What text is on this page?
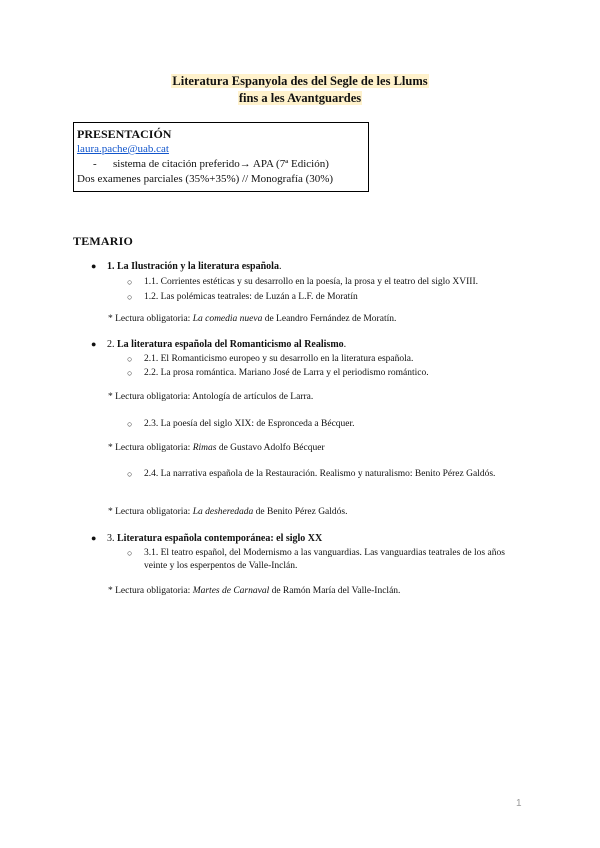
Literatura Espanyola des del Segle de les Llums
fins a les Avantguardes
PRESENTACIÓN
laura.pache@uab.cat
- sistema de citación preferido→ APA (7ª Edición)
Dos examenes parciales (35%+35%) // Monografía (30%)
TEMARIO
● 1. La Ilustración y la literatura española.
○ 1.1. Corrientes estéticas y su desarrollo en la poesía, la prosa y el teatro del siglo XVIII.
○ 1.2. Las polémicas teatrales: de Luzán a L.F. de Moratín
* Lectura obligatoria: La comedia nueva de Leandro Fernández de Moratín.
● 2. La literatura española del Romanticismo al Realismo.
○ 2.1. El Romanticismo europeo y su desarrollo en la literatura española.
○ 2.2. La prosa romántica. Mariano José de Larra y el periodismo romántico.
* Lectura obligatoria: Antología de artículos de Larra.
○ 2.3. La poesía del siglo XIX: de Espronceda a Bécquer.
* Lectura obligatoria: Rimas de Gustavo Adolfo Bécquer
○ 2.4. La narrativa española de la Restauración. Realismo y naturalismo: Benito Pérez Galdós.
* Lectura obligatoria: La desheredada de Benito Pérez Galdós.
● 3. Literatura española contemporánea: el siglo XX
○ 3.1. El teatro español, del Modernismo a las vanguardias. Las vanguardias teatrales de los años veinte y los esperpentos de Valle-Inclán.
* Lectura obligatoria: Martes de Carnaval de Ramón María del Valle-Inclán.
1
